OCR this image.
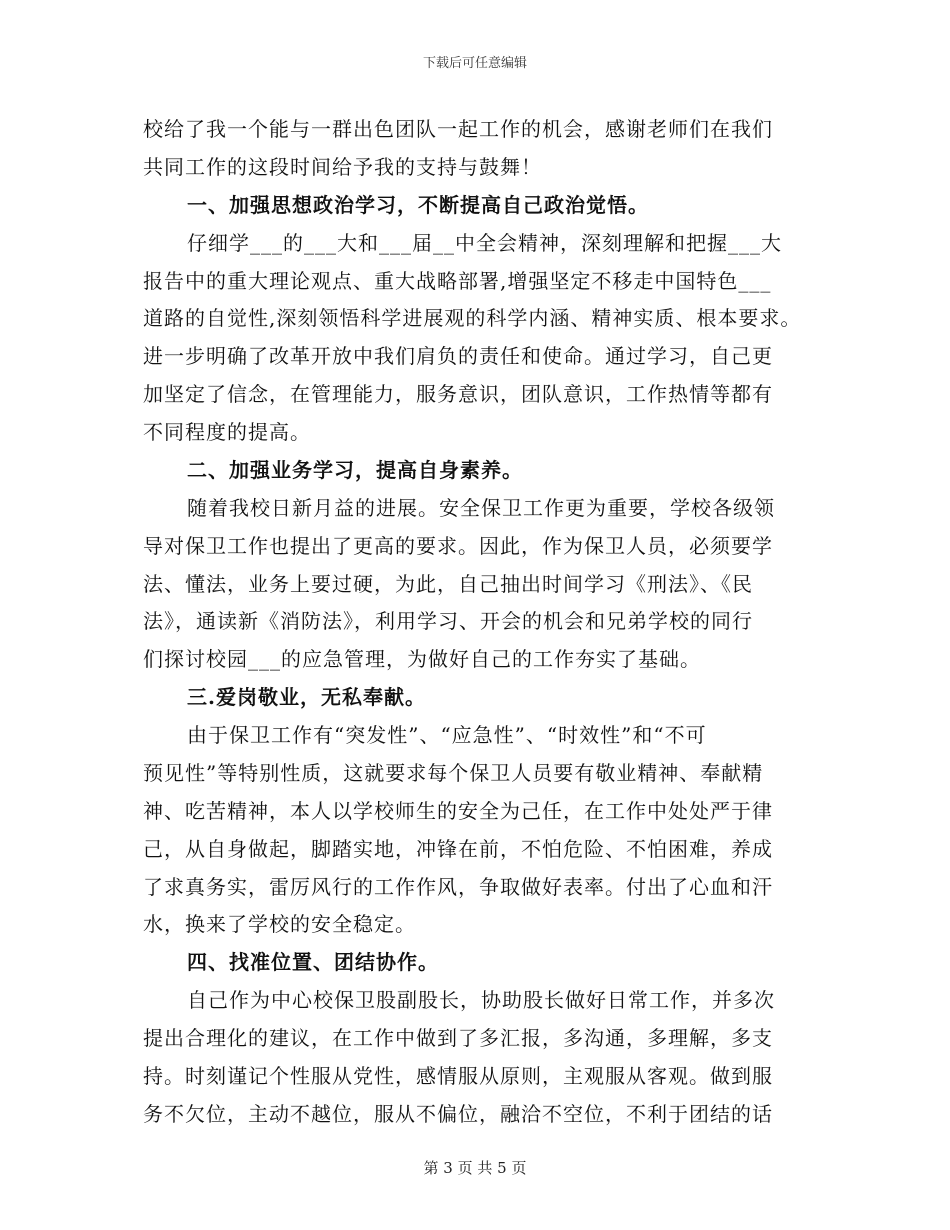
下载后可任意编辑
校给了我一个能与一群出色团队一起工作的机会，感谢老师们在我们
共同工作的这段时间给予我的支持与鼓舞！
一、加强思想政治学习，不断提高自己政治觉悟。
仔细学___的___大和___届__中全会精神，深刻理解和把握___大
报告中的重大理论观点、重大战略部署,增强坚定不移走中国特色___
道路的自觉性,深刻领悟科学进展观的科学内涵、精神实质、根本要求。
进一步明确了改革开放中我们肩负的责任和使命。通过学习，自己更
加坚定了信念，在管理能力，服务意识，团队意识，工作热情等都有
不同程度的提高。
二、加强业务学习，提高自身素养。
随着我校日新月益的进展。安全保卫工作更为重要，学校各级领
导对保卫工作也提出了更高的要求。因此，作为保卫人员，必须要学
法、懂法，业务上要过硬，为此，自己抽出时间学习《刑法》、《民
法》，通读新《消防法》，利用学习、开会的机会和兄弟学校的同行
们探讨校园___的应急管理，为做好自己的工作夯实了基础。
三.爱岗敬业，无私奉献。
由于保卫工作有“突发性”、“应急性”、“时效性”和“不可
预见性”等特别性质，这就要求每个保卫人员要有敬业精神、奉献精
神、吃苦精神，本人以学校师生的安全为己任，在工作中处处严于律
己，从自身做起，脚踏实地，冲锋在前，不怕危险、不怕困难，养成
了求真务实，雷厉风行的工作作风，争取做好表率。付出了心血和汗
水，换来了学校的安全稳定。
四、找准位置、团结协作。
自己作为中心校保卫股副股长，协助股长做好日常工作，并多次
提出合理化的建议，在工作中做到了多汇报，多沟通，多理解，多支
持。时刻谨记个性服从党性，感情服从原则，主观服从客观。做到服
务不欠位，主动不越位，服从不偏位，融洽不空位，不利于团结的话
第 3 页 共 5 页
